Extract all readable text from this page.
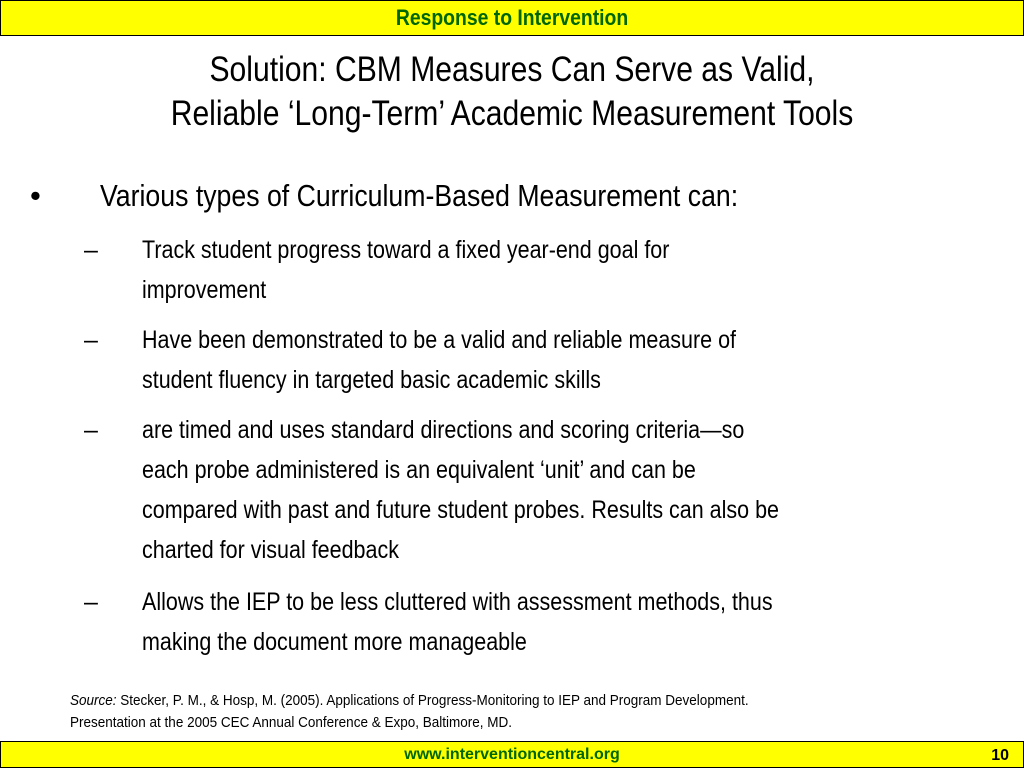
Response to Intervention
Solution: CBM Measures Can Serve as Valid,
Reliable ‘Long-Term’ Academic Measurement Tools
• Various types of Curriculum-Based Measurement can:
– Track student progress toward a fixed year-end goal for
improvement
– Have been demonstrated to be a valid and reliable measure of
student fluency in targeted basic academic skills
– are timed and uses standard directions and scoring criteria—so
each probe administered is an equivalent ‘unit’ and can be
compared with past and future student probes. Results can also be
charted for visual feedback
– Allows the IEP to be less cluttered with assessment methods, thus
making the document more manageable
Source: Stecker, P. M., & Hosp, M. (2005). Applications of Progress-Monitoring to IEP and Program Development.
Presentation at the 2005 CEC Annual Conference & Expo, Baltimore, MD.
www.interventioncentral.org	10
